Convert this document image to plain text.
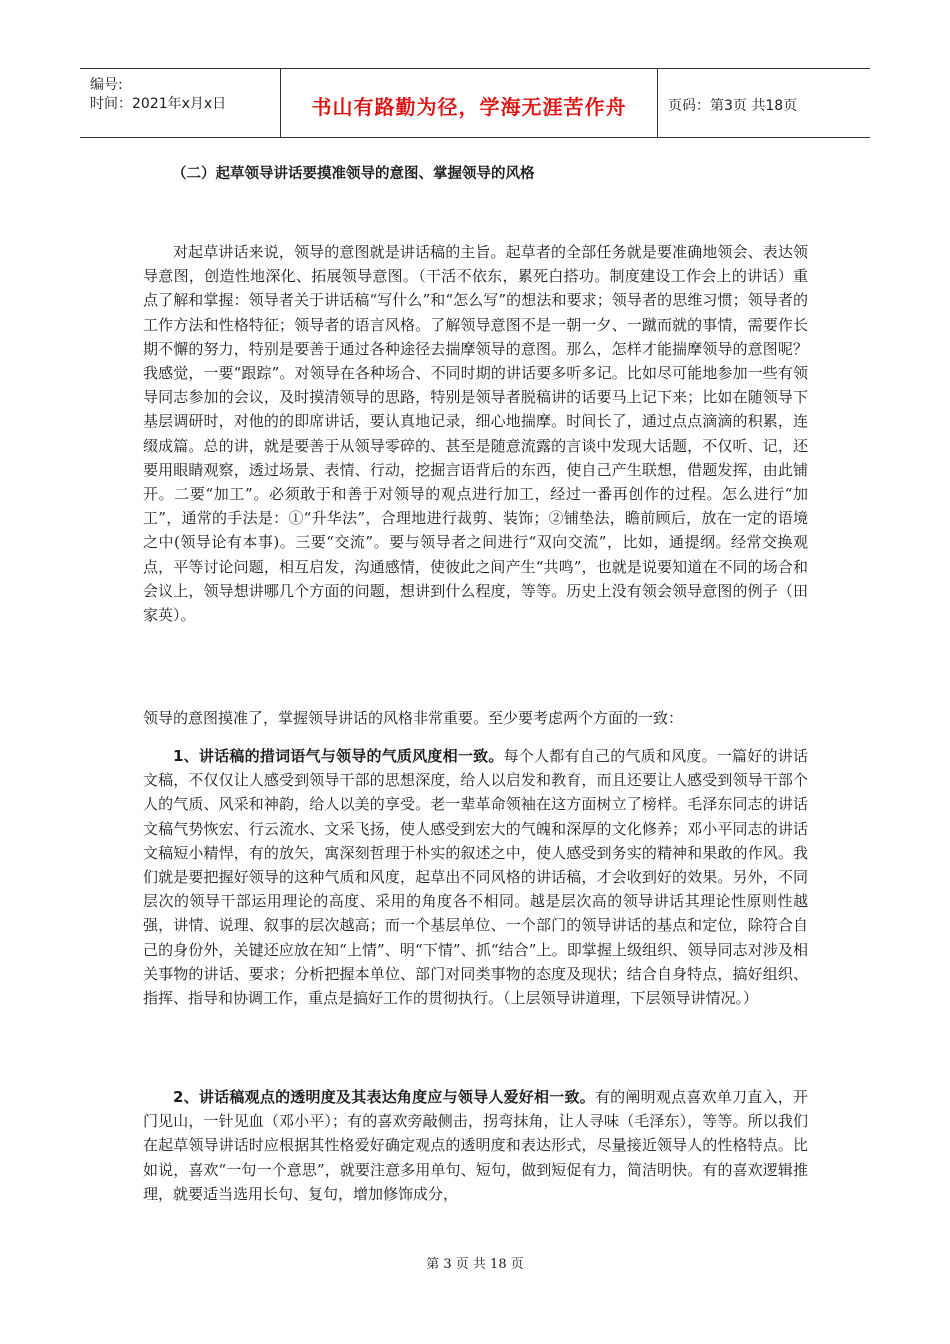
编号:
时间：2021年x月x日	书山有路勤为径，学海无涯苦作舟	页码：第3页 共18页
（二）起草领导讲话要摸准领导的意图、掌握领导的风格

对起草讲话来说，领导的意图就是讲话稿的主旨。起草者的全部任务就是要准确地领会、表达领导意图，创造性地深化、拓展领导意图。（干活不依东，累死白搭功。制度建设工作会上的讲话）重点了解和掌握：领导者关于讲话稿“写什么”和“怎么写”的想法和要求；领导者的思维习惯；领导者的工作方法和性格特征；领导者的语言风格。了解领导意图不是一朝一夕、一蹴而就的事情，需要作长期不懈的努力，特别是要善于通过各种途径去揣摩领导的意图。那么，怎样才能揣摩领导的意图呢？我感觉，一要“跟踪”。对领导在各种场合、不同时期的讲话要多听多记。比如尽可能地参加一些有领导同志参加的会议，及时摸清领导的思路，特别是领导者脱稿讲的话要马上记下来；比如在随领导下基层调研时，对他的的即席讲话，要认真地记录，细心地揣摩。时间长了，通过点点滴滴的积累，连缀成篇。总的讲，就是要善于从领导零碎的、甚至是随意流露的言谈中发现大话题，不仅听、记，还要用眼睛观察，透过场景、表情、行动，挖掘言语背后的东西，使自己产生联想，借题发挥，由此铺开。二要“加工”。必须敢于和善于对领导的观点进行加工，经过一番再创作的过程。怎么进行“加工”，通常的手法是：①“升华法”，合理地进行裁剪、装饰；②铺垫法，瞻前顾后，放在一定的语境之中(领导论有本事)。三要“交流”。要与领导者之间进行“双向交流”，比如，通提纲。经常交换观点，平等讨论问题，相互启发，沟通感情，使彼此之间产生“共鸣”，也就是说要知道在不同的场合和会议上，领导想讲哪几个方面的问题，想讲到什么程度，等等。历史上没有领会领导意图的例子（田家英）。

领导的意图摸准了，掌握领导讲话的风格非常重要。至少要考虑两个方面的一致：

1、讲话稿的措词语气与领导的气质风度相一致。每个人都有自己的气质和风度。一篇好的讲话文稿，不仅仅让人感受到领导干部的思想深度，给人以启发和教育，而且还要让人感受到领导干部个人的气质、风采和神韵，给人以美的享受。老一辈革命领袖在这方面树立了榜样。毛泽东同志的讲话文稿气势恢宏、行云流水、文采飞扬，使人感受到宏大的气魄和深厚的文化修养；邓小平同志的讲话文稿短小精悍，有的放矢，寓深刻哲理于朴实的叙述之中，使人感受到务实的精神和果敢的作风。我们就是要把握好领导的这种气质和风度，起草出不同风格的讲话稿，才会收到好的效果。另外，不同层次的领导干部运用理论的高度、采用的角度各不相同。越是层次高的领导讲话其理论性原则性越强，讲情、说理、叙事的层次越高；而一个基层单位、一个部门的领导讲话的基点和定位，除符合自己的身份外，关键还应放在知“上情”、明“下情”、抓“结合”上。即掌握上级组织、领导同志对涉及相关事物的讲话、要求；分析把握本单位、部门对同类事物的态度及现状；结合自身特点，搞好组织、指挥、指导和协调工作，重点是搞好工作的贯彻执行。（上层领导讲道理，下层领导讲情况。）

2、讲话稿观点的透明度及其表达角度应与领导人爱好相一致。有的阐明观点喜欢单刀直入，开门见山，一针见血（邓小平）；有的喜欢旁敲侧击，拐弯抹角，让人寻味（毛泽东），等等。所以我们在起草领导讲话时应根据其性格爱好确定观点的透明度和表达形式，尽量接近领导人的性格特点。比如说，喜欢“一句一个意思”，就要注意多用单句、短句，做到短促有力，简洁明快。有的喜欢逻辑推理，就要适当选用长句、复句，增加修饰成分，

第 3 页 共 18 页
